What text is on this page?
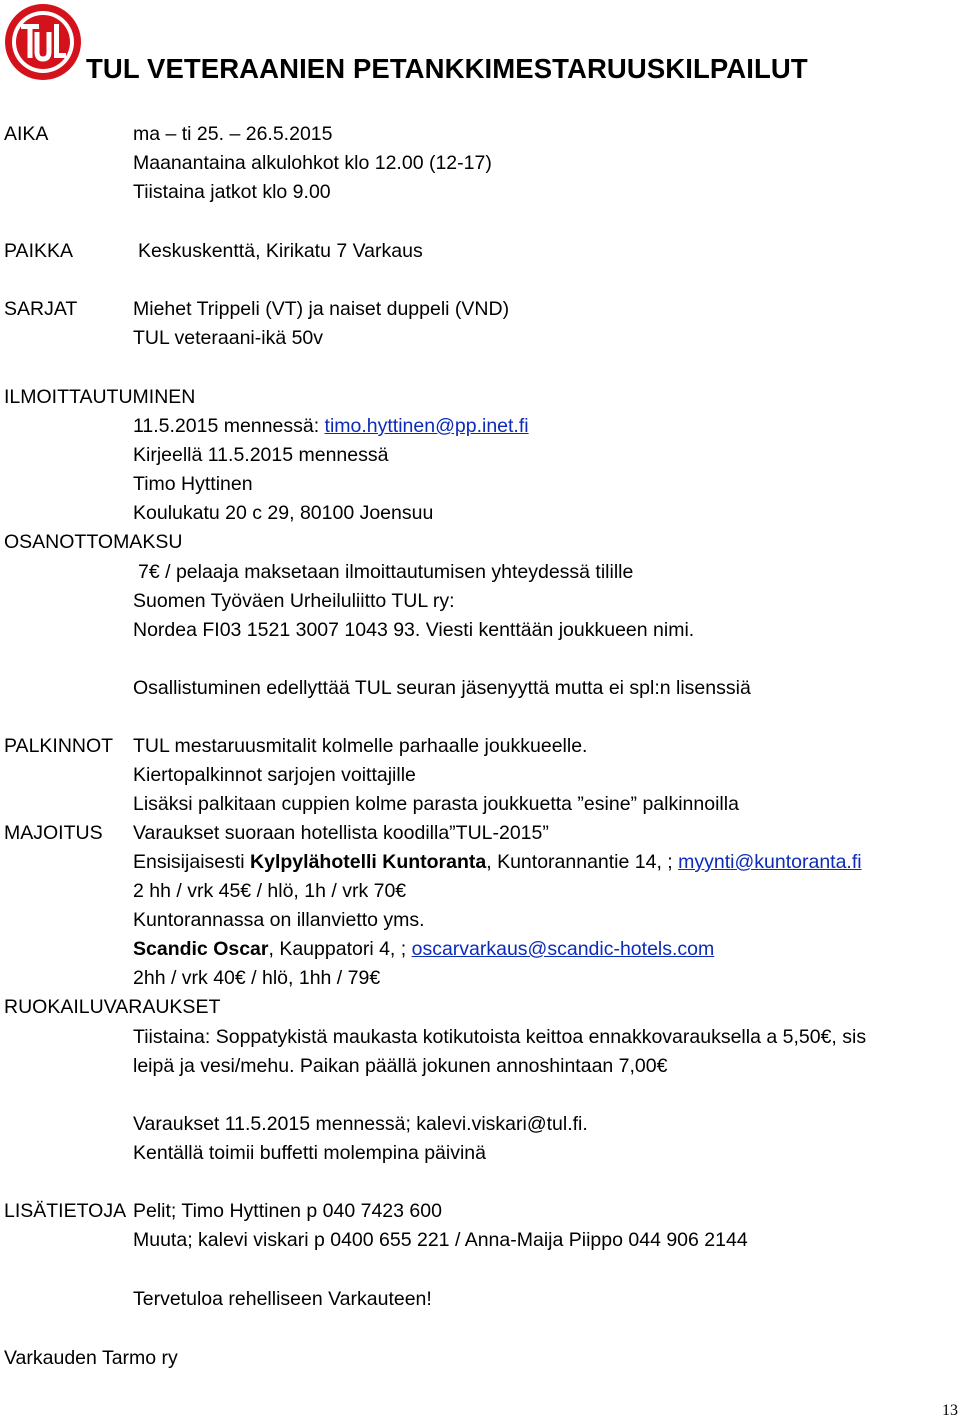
TUL VETERAANIEN PETANKKIMESTARUUSKILPAILUT
AIKA	ma – ti 25. – 26.5.2015
Maanantaina alkulohkot klo 12.00 (12-17)
Tiistaina jatkot klo 9.00
PAIKKA	Keskuskenttä, Kirikatu 7 Varkaus
SARJAT	Miehet Trippeli (VT) ja naiset duppeli (VND)
TUL veteraani-ikä 50v
ILMOITTAUTUMINEN
11.5.2015 mennessä: timo.hyttinen@pp.inet.fi
Kirjeellä 11.5.2015 mennessä
Timo Hyttinen
Koulukatu 20 c 29, 80100 Joensuu
OSANOTTOMAKSU
7€ / pelaaja maksetaan ilmoittautumisen yhteydessä tilille
Suomen Työväen Urheiluliitto TUL ry:
Nordea FI03 1521 3007 1043 93. Viesti kenttään joukkueen nimi.
Osallistuminen edellyttää TUL seuran jäsenyyttä mutta ei spl:n lisenssiä
PALKINNOT TUL mestaruusmitalit kolmelle parhaalle joukkueelle.
Kiertopalkinnot sarjojen voittajille
Lisäksi palkitaan cuppien kolme parasta joukkuetta ”esine” palkinnoilla
MAJOITUS Varaukset suoraan hotellista koodilla”TUL-2015”
Ensisijaisesti Kylpylähotelli Kuntoranta, Kuntorannantie 14, ; myynti@kuntoranta.fi
2 hh / vrk 45€ / hlö, 1h / vrk 70€
Kuntorannassa on illanvietto yms.
Scandic Oscar, Kauppatori 4, ; oscarvarkaus@scandic-hotels.com
2hh / vrk 40€ / hlö, 1hh / 79€
RUOKAILUVARAUKSET
Tiistaina: Soppatykistä maukasta kotikutoista keittoa ennakkovarauksella a 5,50€, sis
leipä ja vesi/mehu. Paikan päällä jokunen annoshintaan 7,00€
Varaukset 11.5.2015 mennessä; kalevi.viskari@tul.fi.
Kentällä toimii buffetti molempina päivinä
LISÄTIETOJA Pelit; Timo Hyttinen p 040 7423 600
Muuta; kalevi viskari p 0400 655 221 / Anna-Maija Piippo 044 906 2144
Tervetuloa rehelliseen Varkauteen!
Varkauden Tarmo ry
13
